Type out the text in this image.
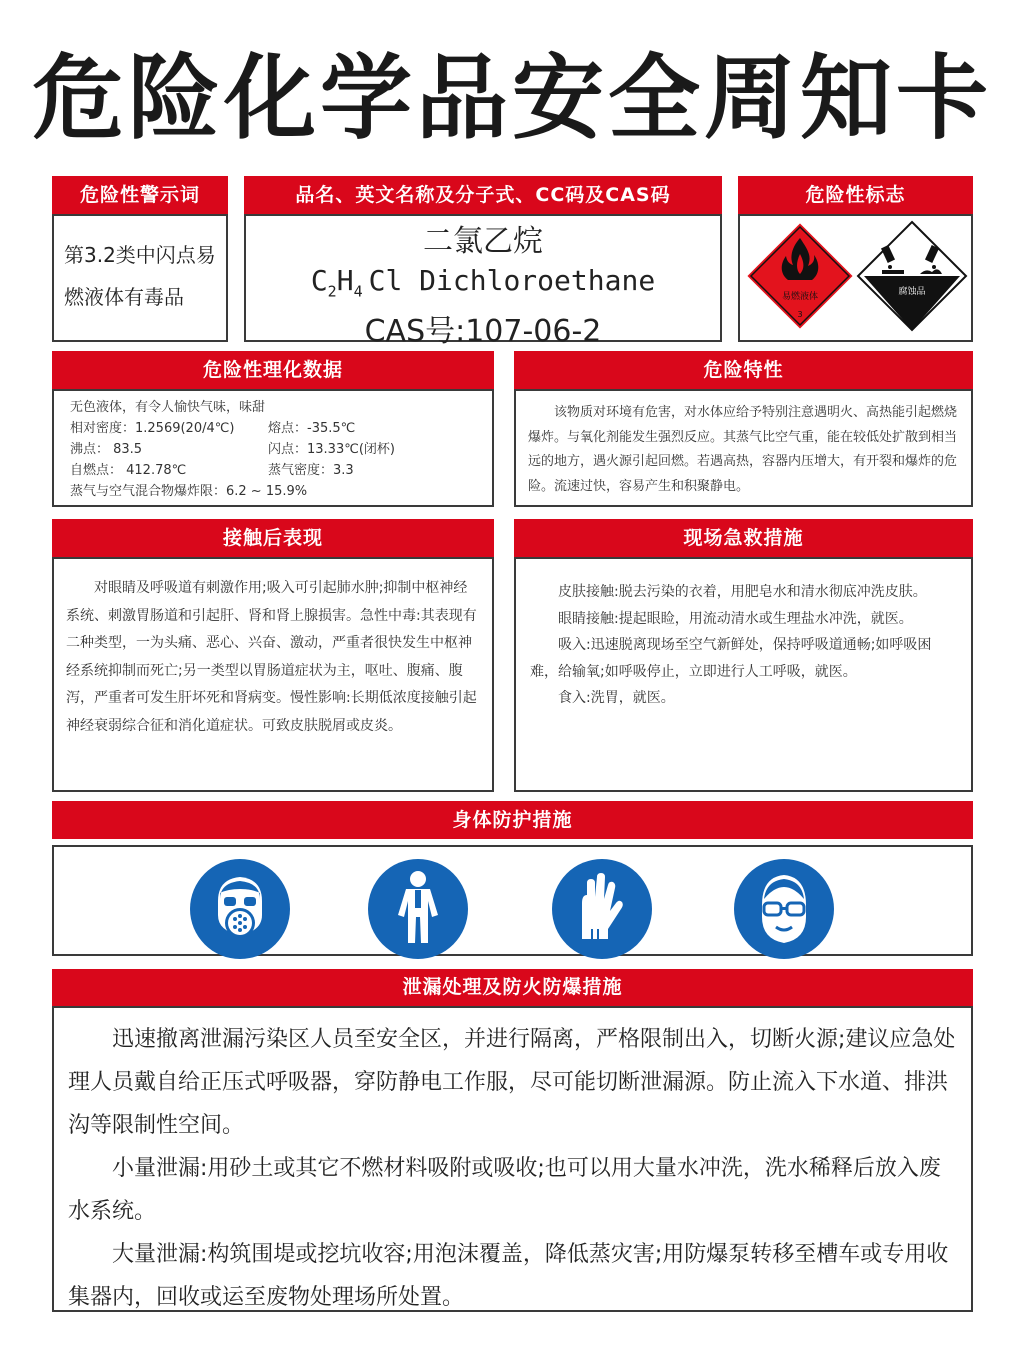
危险化学品安全周知卡
危险性警示词
第3.2类中闪点易
燃液体有毒品
品名、英文名称及分子式、CC码及CAS码
二氯乙烷
$C_2H_4$ Cl Dichloroethane
CAS号:107-06-2
危险性标志
易燃液体
3
腐蚀品
危险性理化数据
无色液体，有令人愉快气味，味甜
相对密度：1.2569(20/4℃)	熔点：-35.5℃
沸点： 83.5	闪点：13.33℃(闭杯)
自燃点： 412.78℃	蒸气密度：3.3
蒸气与空气混合物爆炸限：6.2 ~ 15.9%
危险特性

该物质对环境有危害，对水体应给予特别注意遇明火、高热能引起燃烧爆炸。与氧化剂能发生强烈反应。其蒸气比空气重，能在较低处扩散到相当远的地方，遇火源引起回燃。若遇高热，容器内压增大，有开裂和爆炸的危险。流速过快，容易产生和积聚静电。

接触后表现

对眼睛及呼吸道有刺激作用;吸入可引起肺水肿;抑制中枢神经系统、刺激胃肠道和引起肝、肾和肾上腺损害。急性中毒:其表现有二种类型，一为头痛、恶心、兴奋、激动，严重者很快发生中枢神经系统抑制而死亡;另一类型以胃肠道症状为主，呕吐、腹痛、腹泻，严重者可发生肝坏死和肾病变。慢性影响:长期低浓度接触引起神经衰弱综合征和消化道症状。可致皮肤脱屑或皮炎。

现场急救措施

皮肤接触:脱去污染的衣着，用肥皂水和清水彻底冲洗皮肤。

眼睛接触:提起眼睑，用流动清水或生理盐水冲洗，就医。

吸入:迅速脱离现场至空气新鲜处，保持呼吸道通畅;如呼吸困难，给输氧;如呼吸停止，立即进行人工呼吸，就医。

食入:洗胃，就医。

身体防护措施
泄漏处理及防火防爆措施

迅速撤离泄漏污染区人员至安全区，并进行隔离，严格限制出入，切断火源;建议应急处理人员戴自给正压式呼吸器，穿防静电工作服，尽可能切断泄漏源。防止流入下水道、排洪沟等限制性空间。

小量泄漏:用砂土或其它不燃材料吸附或吸收;也可以用大量水冲洗，洗水稀释后放入废水系统。

大量泄漏:构筑围堤或挖坑收容;用泡沫覆盖，降低蒸灾害;用防爆泵转移至槽车或专用收集器内，回收或运至废物处理场所处置。
